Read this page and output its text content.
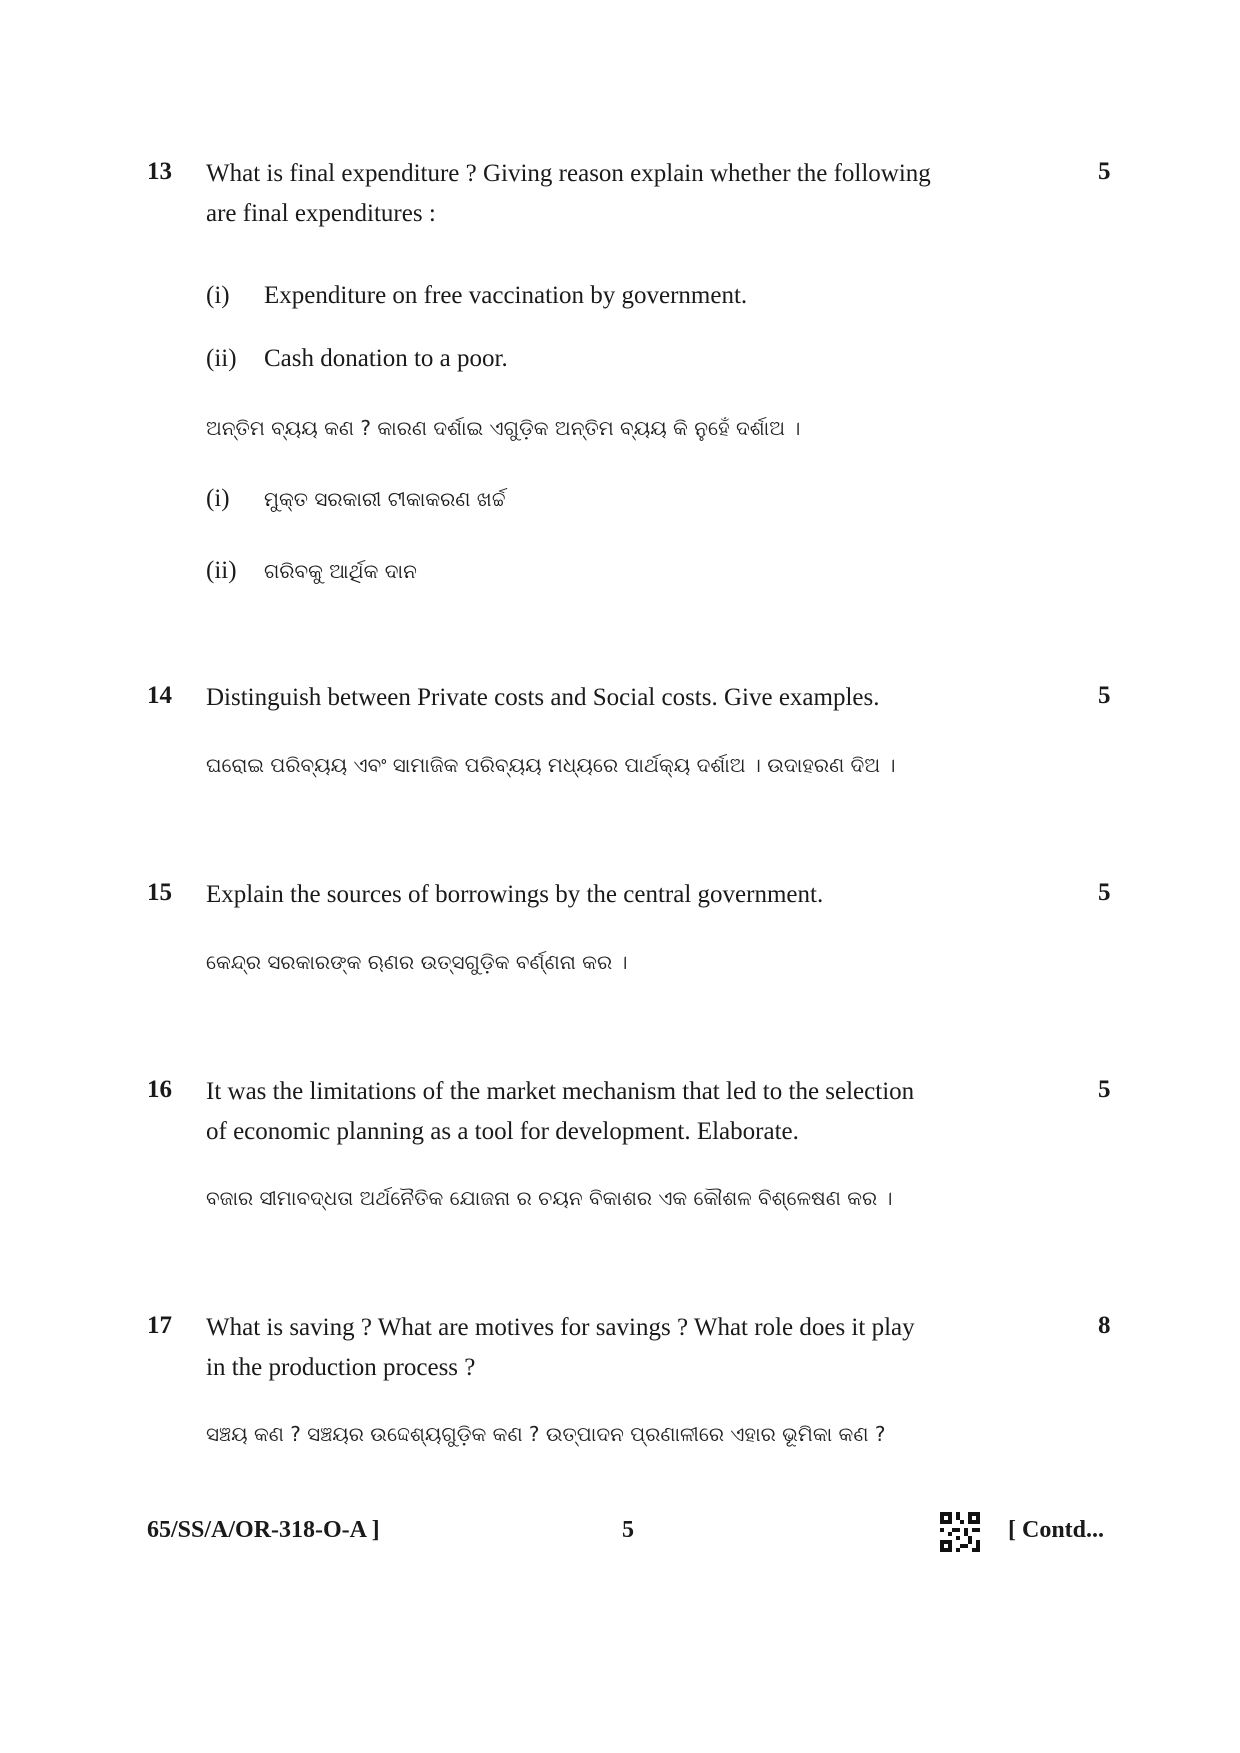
13	5
What is final expenditure ? Giving reason explain whether the following
are final expenditures :
(i) Expenditure on free vaccination by government.
(ii) Cash donation to a poor.
ଅନ୍ତିମ ବ୍ୟୟ କଣ ? କାରଣ ଦର୍ଶାଇ ଏଗୁଡ଼ିକ ଅନ୍ତିମ ବ୍ୟୟ କି ନୁହେଁ ଦର୍ଶାଅ ।
(i) ମୁକ୍ତ ସରକାରୀ ଟୀକାକରଣ ଖର୍ଚ୍ଚ
(ii) ଗରିବକୁ ଆର୍ଥିକ ଦାନ
14	5
Distinguish between Private costs and Social costs. Give examples.
ଘରୋଇ ପରିବ୍ୟୟ ଏବଂ ସାମାଜିକ ପରିବ୍ୟୟ ମଧ୍ୟରେ ପାର୍ଥକ୍ୟ ଦର୍ଶାଅ । ଉଦାହରଣ ଦିଅ ।
15	5
Explain the sources of borrowings by the central government.
କେନ୍ଦ୍ର ସରକାରଙ୍କ ଋଣର ଉତ୍ସଗୁଡ଼ିକ ବର୍ଣ୍ଣନା କର ।
16	5
It was the limitations of the market mechanism that led to the selection
of economic planning as a tool for development. Elaborate.
ବଜାର ସୀମାବଦ୍ଧତା ଅର୍ଥନୈତିକ ଯୋଜନା ର ଚୟନ ବିକାଶର ଏକ କୌଶଳ ବିଶ୍ଳେଷଣ କର ।
17	8
What is saving ? What are motives for savings ? What role does it play
in the production process ?
ସଞ୍ଚୟ କଣ ? ସଞ୍ଚୟର ଉଦ୍ଦେଶ୍ୟଗୁଡ଼ିକ କଣ ? ଉତ୍ପାଦନ ପ୍ରଣାଳୀରେ ଏହାର ଭୂମିକା କଣ ?
65/SS/A/OR-318-O-A ]	5	[ Contd...
